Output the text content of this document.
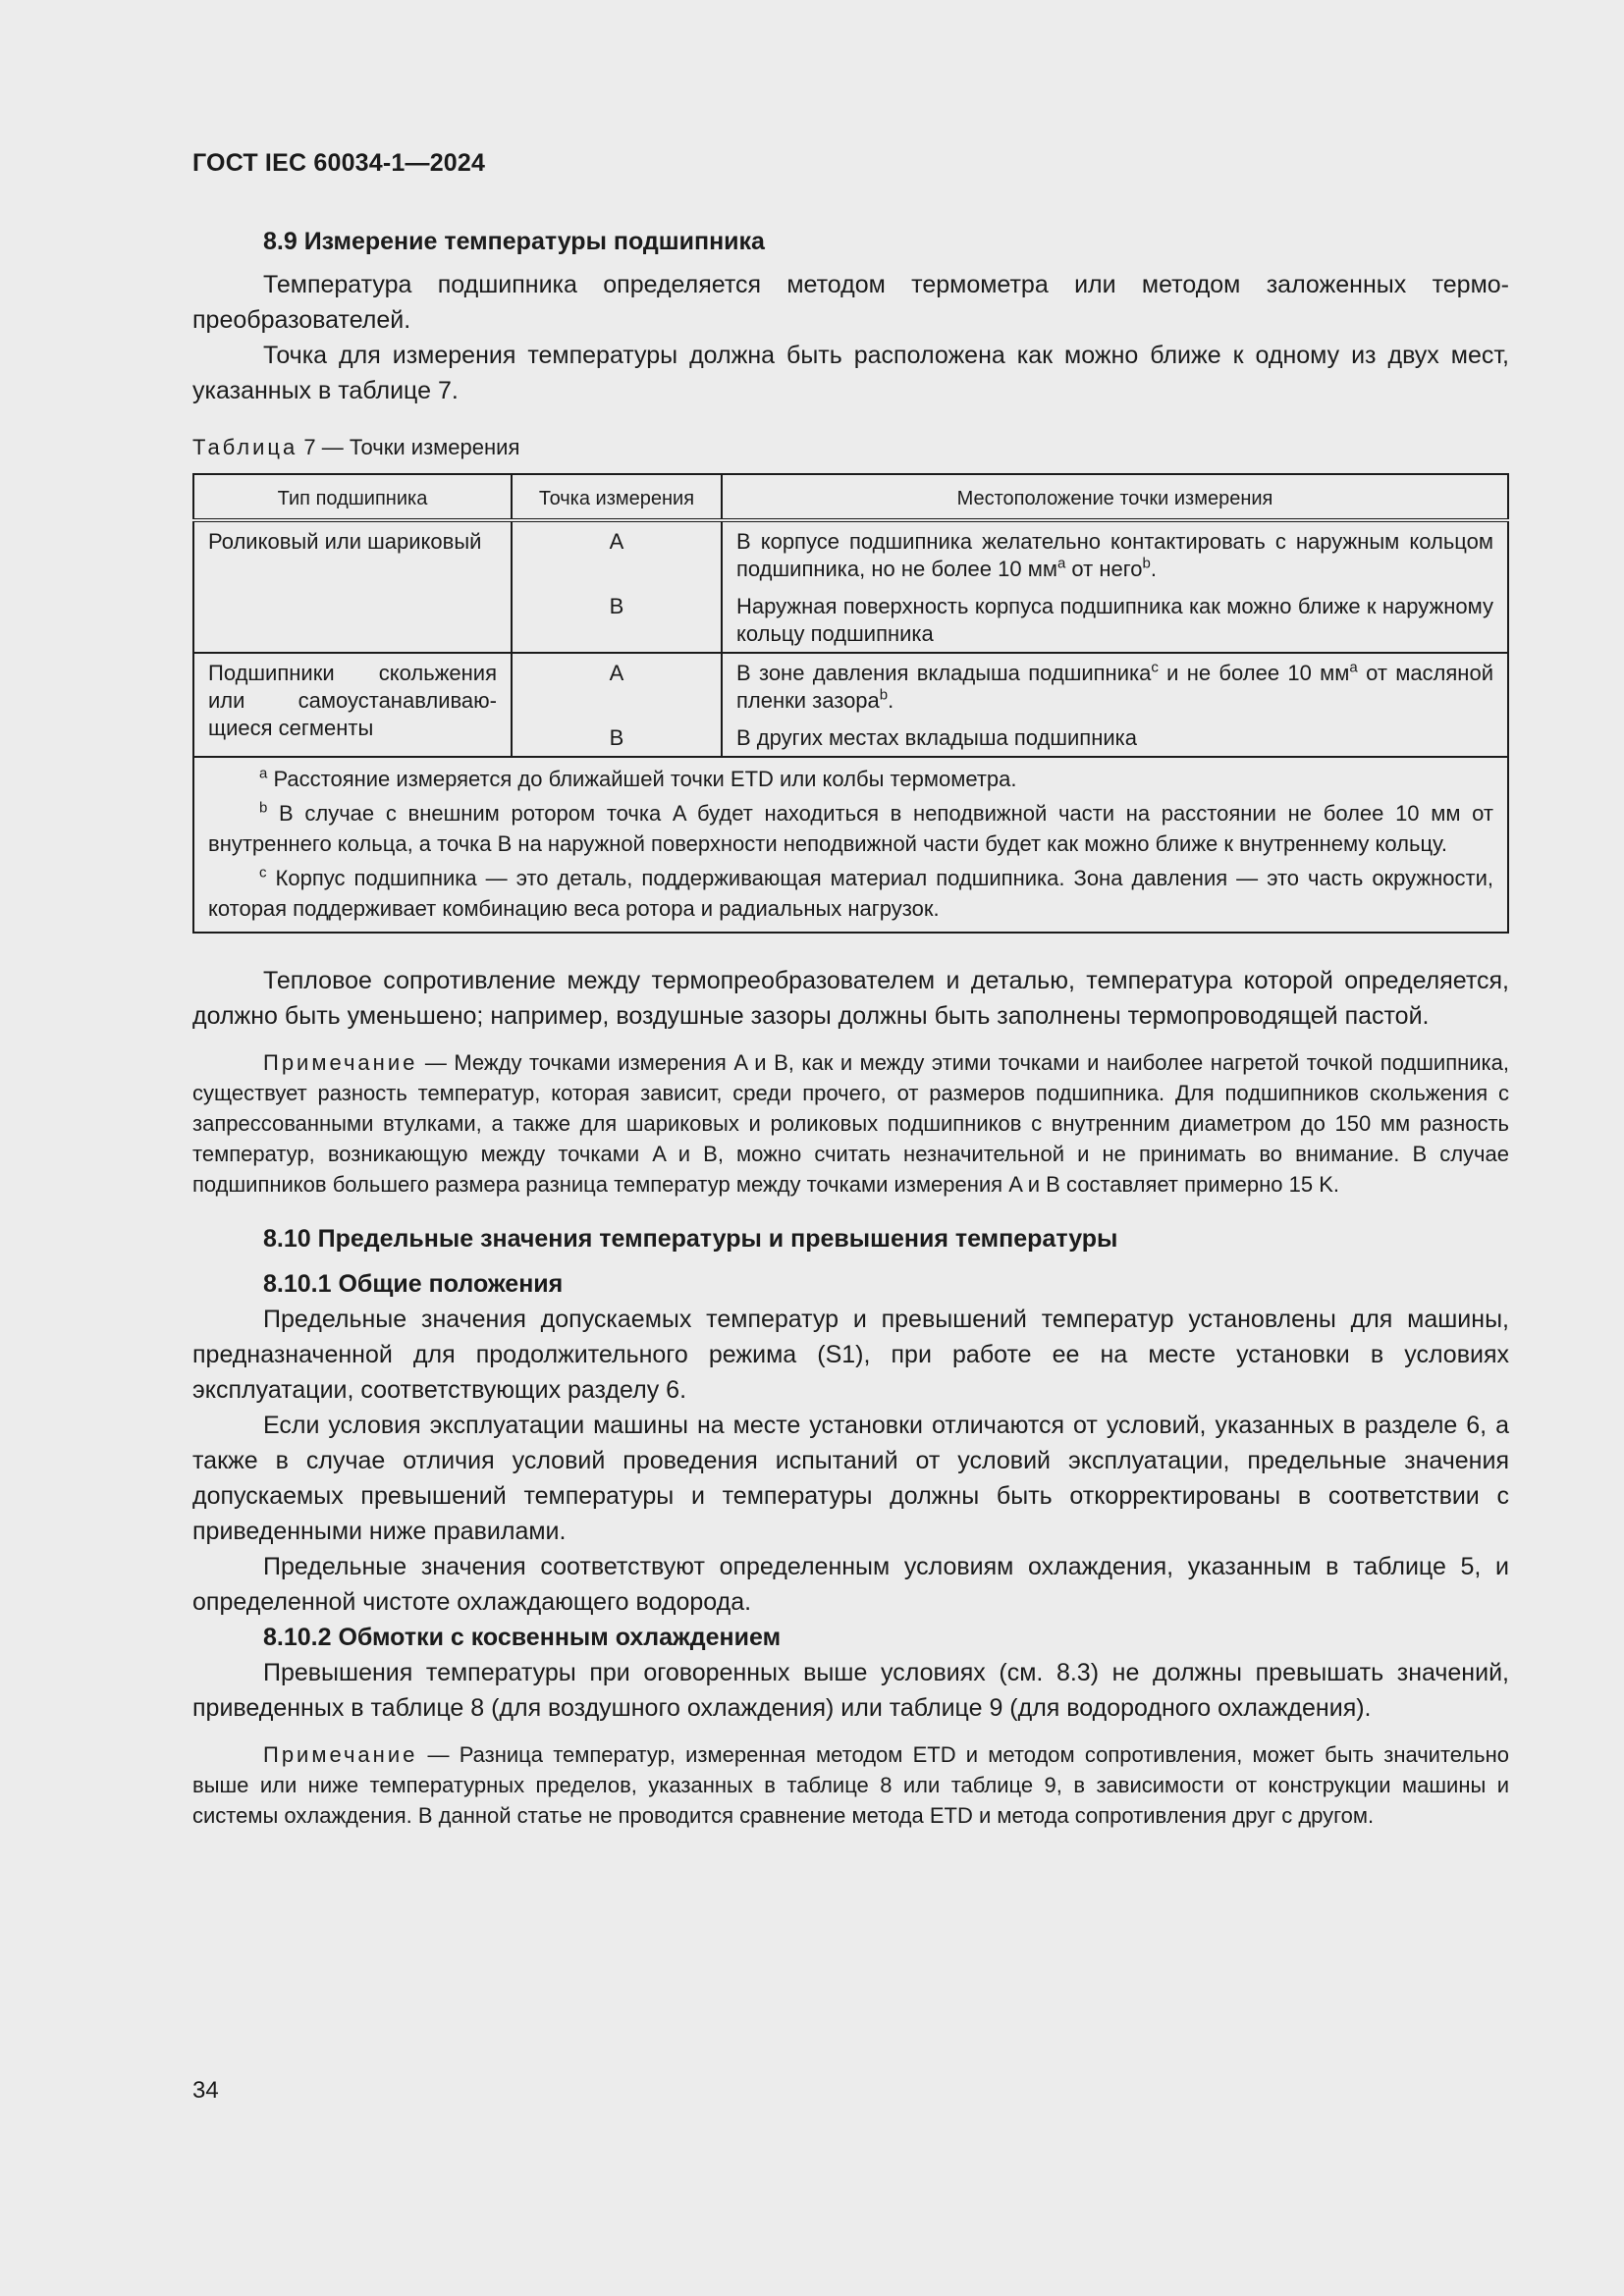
ГОСТ IEC 60034-1—2024
8.9 Измерение температуры подшипника

Температура подшипника определяется методом термометра или методом заложенных термопреобразователей.

Точка для измерения температуры должна быть расположена как можно ближе к одному из двух мест, указанных в таблице 7.

Таблица 7 — Точки измерения
Тип подшипника	Точка измерения	Местоположение точки измерения
Роликовый или шариковый	A	В корпусе подшипника желательно контактировать с наружным кольцом подшипника, но не более 10 $мм^a$ от него$^b$.
	B	Наружная поверхность корпуса подшипника как можно ближе к наружному кольцу подшипника
Подшипники скольжения или самоустанавливающиеся сегменты	A	В зоне давления вкладыша подшипника$^c$ и не более 10 $мм^a$ от масляной пленки зазора$^b$.
	B	В других местах вкладыша подшипника

$^a$ Расстояние измеряется до ближайшей точки ETD или колбы термометра.

$^b$ В случае с внешним ротором точка A будет находиться в неподвижной части на расстоянии не более 10 мм от внутреннего кольца, а точка B на наружной поверхности неподвижной части будет как можно ближе к внутреннему кольцу.

$^c$ Корпус подшипника — это деталь, поддерживающая материал подшипника. Зона давления — это часть окружности, которая поддерживает комбинацию веса ротора и радиальных нагрузок.		

Тепловое сопротивление между термопреобразователем и деталью, температура которой определяется, должно быть уменьшено; например, воздушные зазоры должны быть заполнены термопроводящей пастой.

Примечание — Между точками измерения A и B, как и между этими точками и наиболее нагретой точкой подшипника, существует разность температур, которая зависит, среди прочего, от размеров подшипника. Для подшипников скольжения с запрессованными втулками, а также для шариковых и роликовых подшипников с внутренним диаметром до 150 мм разность температур, возникающую между точками A и B, можно считать незначительной и не принимать во внимание. В случае подшипников большего размера разница температур между точками измерения A и B составляет примерно 15 K.

8.10 Предельные значения температуры и превышения температуры
8.10.1 Общие положения

Предельные значения допускаемых температур и превышений температур установлены для машины, предназначенной для продолжительного режима (S1), при работе ее на месте установки в условиях эксплуатации, соответствующих разделу 6.

Если условия эксплуатации машины на месте установки отличаются от условий, указанных в разделе 6, а также в случае отличия условий проведения испытаний от условий эксплуатации, предельные значения допускаемых превышений температуры и температуры должны быть откорректированы в соответствии с приведенными ниже правилами.

Предельные значения соответствуют определенным условиям охлаждения, указанным в таблице 5, и определенной чистоте охлаждающего водорода.

8.10.2 Обмотки с косвенным охлаждением

Превышения температуры при оговоренных выше условиях (см. 8.3) не должны превышать значений, приведенных в таблице 8 (для воздушного охлаждения) или таблице 9 (для водородного охлаждения).

Примечание — Разница температур, измеренная методом ETD и методом сопротивления, может быть значительно выше или ниже температурных пределов, указанных в таблице 8 или таблице 9, в зависимости от конструкции машины и системы охлаждения. В данной статье не проводится сравнение метода ETD и метода сопротивления друг с другом.

34
